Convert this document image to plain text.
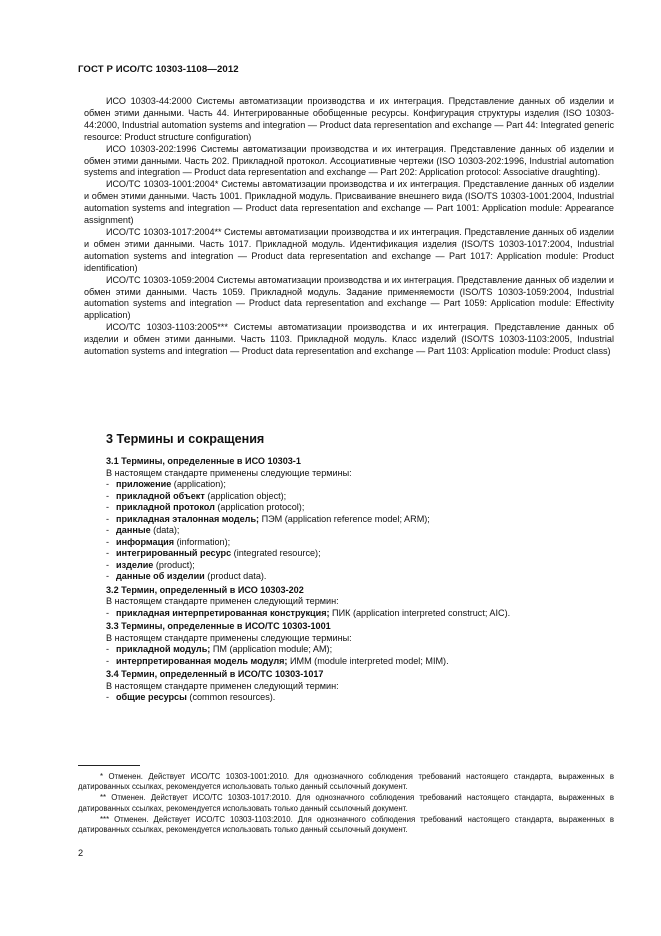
ГОСТ Р ИСО/ТС 10303-1108—2012

ИСО 10303-44:2000 Системы автоматизации производства и их интеграция. Представление данных об изделии и обмен этими данными. Часть 44. Интегрированные обобщенные ресурсы. Конфигурация структуры изделия (ISO 10303-44:2000, Industrial automation systems and integration — Product data representation and exchange — Part 44: Integrated generic resource: Product structure configuration)

ИСО 10303-202:1996 Системы автоматизации производства и их интеграция. Представление данных об изделии и обмен этими данными. Часть 202. Прикладной протокол. Ассоциативные чертежи (ISO 10303-202:1996, Industrial automation systems and integration — Product data representation and exchange — Part 202: Application protocol: Associative draughting).

ИСО/ТС 10303-1001:2004* Системы автоматизации производства и их интеграция. Представление данных об изделии и обмен этими данными. Часть 1001. Прикладной модуль. Присваивание внешнего вида (ISO/TS 10303-1001:2004, Industrial automation systems and integration — Product data representation and exchange — Part 1001: Application module: Appearance assignment)

ИСО/ТС 10303-1017:2004** Системы автоматизации производства и их интеграция. Представление данных об изделии и обмен этими данными. Часть 1017. Прикладной модуль. Идентификация изделия (ISO/TS 10303-1017:2004, Industrial automation systems and integration — Product data representation and exchange — Part 1017: Application module: Product identification)

ИСО/ТС 10303-1059:2004 Системы автоматизации производства и их интеграция. Представление данных об изделии и обмен этими данными. Часть 1059. Прикладной модуль. Задание применяемости (ISO/TS 10303-1059:2004, Industrial automation systems and integration — Product data representation and exchange — Part 1059: Application module: Effectivity application)

ИСО/ТС 10303-1103:2005*** Системы автоматизации производства и их интеграция. Представление данных об изделии и обмен этими данными. Часть 1103. Прикладной модуль. Класс изделий (ISO/TS 10303-1103:2005, Industrial automation systems and integration — Product data representation and exchange — Part 1103: Application module: Product class)

3 Термины и сокращения

3.1 Термины, определенные в ИСО 10303-1

В настоящем стандарте применены следующие термины:

- приложение (application);
- прикладной объект (application object);
- прикладной протокол (application protocol);
- прикладная эталонная модель; ПЭМ (application reference model; ARM);
- данные (data);
- информация (information);
- интегрированный ресурс (integrated resource);
- изделие (product);
- данные об изделии (product data).

3.2 Термин, определенный в ИСО 10303-202

В настоящем стандарте применен следующий термин:

- прикладная интерпретированная конструкция; ПИК (application interpreted construct; AIC).

3.3 Термины, определенные в ИСО/ТС 10303-1001

В настоящем стандарте применены следующие термины:

- прикладной модуль; ПМ (application module; AM);
- интерпретированная модель модуля; ИММ (module interpreted model; MIM).

3.4 Термин, определенный в ИСО/ТС 10303-1017

В настоящем стандарте применен следующий термин:

- общие ресурсы (common resources).

* Отменен. Действует ИСО/ТС 10303-1001:2010. Для однозначного соблюдения требований настоящего стандарта, выраженных в датированных ссылках, рекомендуется использовать только данный ссылочный документ.

** Отменен. Действует ИСО/ТС 10303-1017:2010. Для однозначного соблюдения требований настоящего стандарта, выраженных в датированных ссылках, рекомендуется использовать только данный ссылочный документ.

*** Отменен. Действует ИСО/ТС 10303-1103:2010. Для однозначного соблюдения требований настоящего стандарта, выраженных в датированных ссылках, рекомендуется использовать только данный ссылочный документ.

2
